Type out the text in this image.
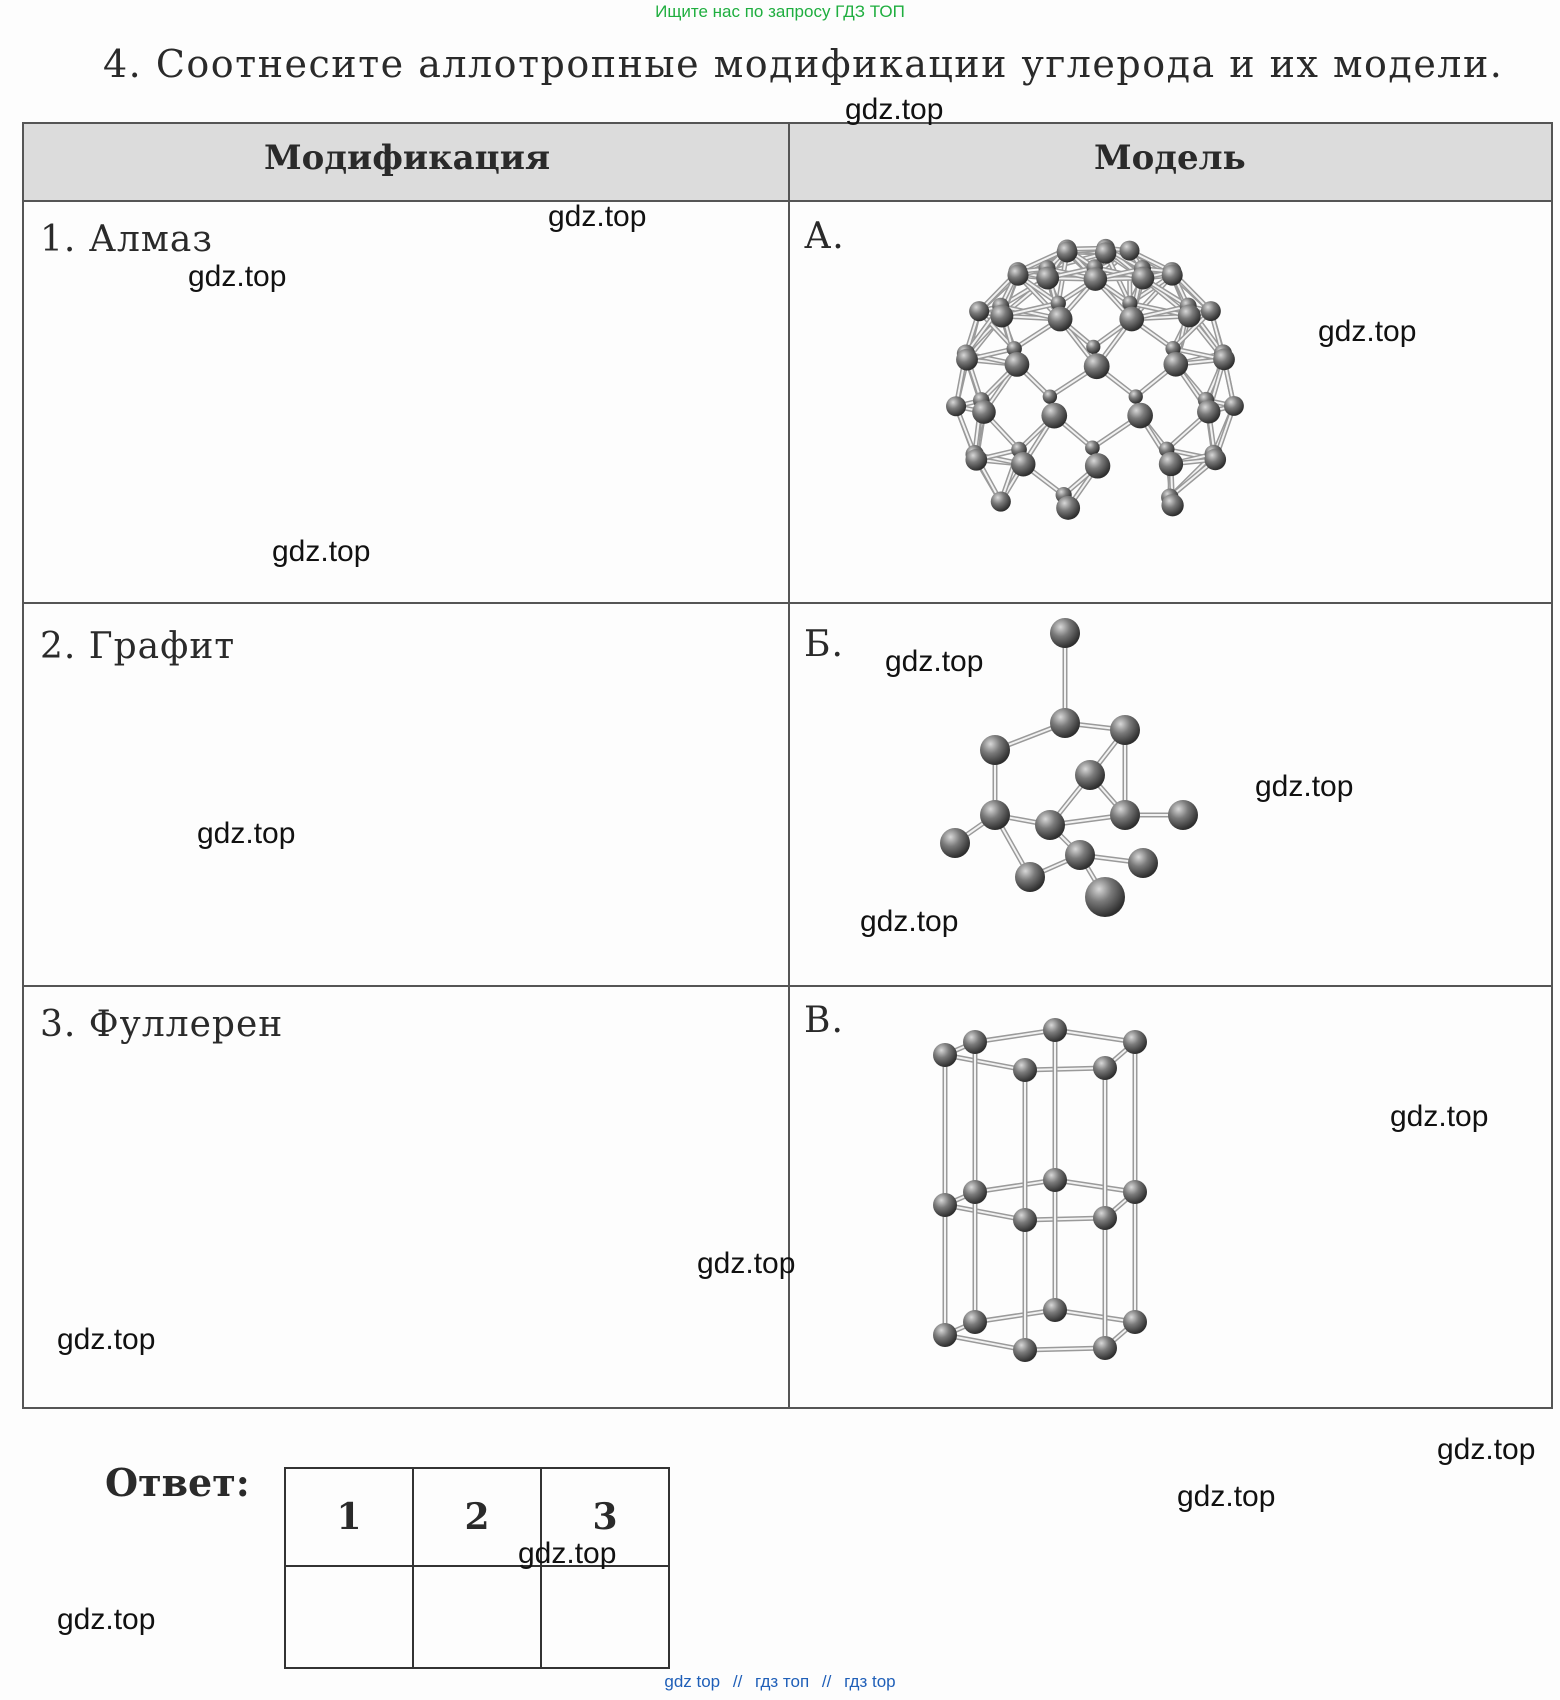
Ищите нас по запросу ГДЗ ТОП
4. Соотнесите аллотропные модификации углерода и их модели.
Модификация	Модель
1. Алмаз	А.
2. Графит	Б.
3. Фуллерен	В.
Ответ:
1	2	3

gdz.top
gdz.top
gdz.top
gdz.top
gdz.top
gdz.top
gdz.top
gdz.top
gdz.top
gdz.top
gdz.top
gdz.top
gdz.top
gdz.top
gdz.top
gdz.top
gdz top // гдз топ // гдз top
